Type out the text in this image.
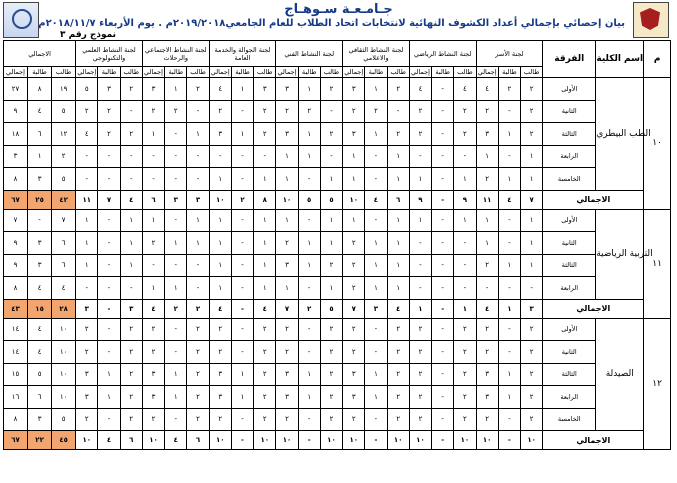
جـامـعـة سـوهـاج
بيان إحصائي بإجمالي أعداد الكشوف النهائية لانتخابات اتحاد الطلاب للعام الجامعي٢٠١٩/٢٠١٨م . يوم الأربعاء ٢٠١٨/١١/٧م
نموذج رقم ٣
الاجمالي			لجنة النشاط العلمي والتكنولوجي			لجنة النشاط الاجتماعي والرحلات			لجنة الجوالة والخدمة العامة			لجنة النشاط الفني			لجنة النشاط الثقافي والاعلامي			لجنة النشاط الرياضي			لجنة الأسر			الفرقة	اسم الكلية	م
إجمالي	طالبة	طالب	إجمالي	طالبة	طالب	إجمالي	طالبة	طالب	إجمالي	طالبة	طالب	إجمالي	طالبة	طالب	إجمالي	طالبة	طالب	إجمالي	طالبة	طالب	إجمالي	طالبة	طالب			
٢٧	٨	١٩	٥	٣	٢	٣	١	٢	٤	١	٣	٣	١	٢	٣	١	٢	٤	-	٤	٤	٢	٢	الأولى	الطب البيطري	١٠
٩	٤	٥	٢	٢	-	٢	٢	-	٢	-	٢	٢	٢	-	٢	٢	-	٢	-	٢	٢	-	٢	الثانية		
١٨	٦	١٢	٤	٢	٢	١	-	١	٣	١	٢	٣	١	٢	٣	١	٢	٢	-	٢	٣	١	٢	الثالثة		
٣	١	٢	-	-	-	-	-	-	-	-	-	١	١	-	١	-	١	-	-	-	١	-	١	الرابعة		
٨	٣	٥	-	-	-	-	-	-	١	-	١	١	-	١	١	-	١	١	-	١	٢	١	١	الخامسة		
٦٧	٢٥	٤٢	١١	٧	٤	٦	٣	٣	١٠	٢	٨	١٠	٥	٥	١٠	٤	٦	٩	-	٩	١١	٤	٧	الاجمالي		
٧	-	٧	١	-	١	١	-	١	١	-	١	١	-	١	١	-	١	١	-	١	١	-	١	الأولى	التربية الرياضية	١١
٩	٣	٦	١	-	١	٢	١	١	١	-	١	٢	١	١	٢	١	١	-	-	-	١	-	١	الثانية		
٩	٣	٦	١	-	١	-	-	-	١	-	١	٣	١	٢	٢	١	١	-	-	-	٢	١	١	الثالثة		
٨	٤	٤	-	-	-	١	١	-	١	-	١	١	-	١	٢	١	١	-	-	-	-	-	-	الرابعة		
٤٣	١٥	٢٨	٣	-	٣	٤	٢	٢	٤	-	٤	٧	٢	٥	٧	٣	٤	١	-	١	٤	١	٣	الاجمالي		
١٤	٤	١٠	٢	-	٢	٢	-	٢	٢	-	٢	٢	-	٢	٢	-	٢	٢	-	٢	٢	-	٢	الأولى	الصيدلة	١٢
١٤	٤	١٠	٢	-	٢	٢	-	٢	٢	-	٢	٢	-	٢	٢	-	٢	٢	-	٢	٢	-	٢	الثانية		
١٥	٥	١٠	٣	١	٢	٣	١	٢	٣	١	٢	٣	١	٢	٣	١	٢	٢	-	٢	٣	١	٢	الثالثة		
١٦	٦	١٠	٣	١	٢	٣	١	٢	٣	١	٢	٣	١	٢	٣	١	٢	٢	-	٢	٣	١	٢	الرابعة		
٨	٣	٥	٢	-	٢	٢	-	٢	٢	-	٢	٢	-	٢	٢	-	٢	٢	-	٢	٢	-	٢	الخامسة		
٦٧	٢٢	٤٥	١٠	٤	٦	١٠	٤	٦	١٠	-	١٠	١٠	-	١٠	١٠	-	١٠	١٠	-	١٠	١٠	-	١٠	الاجمالي		
